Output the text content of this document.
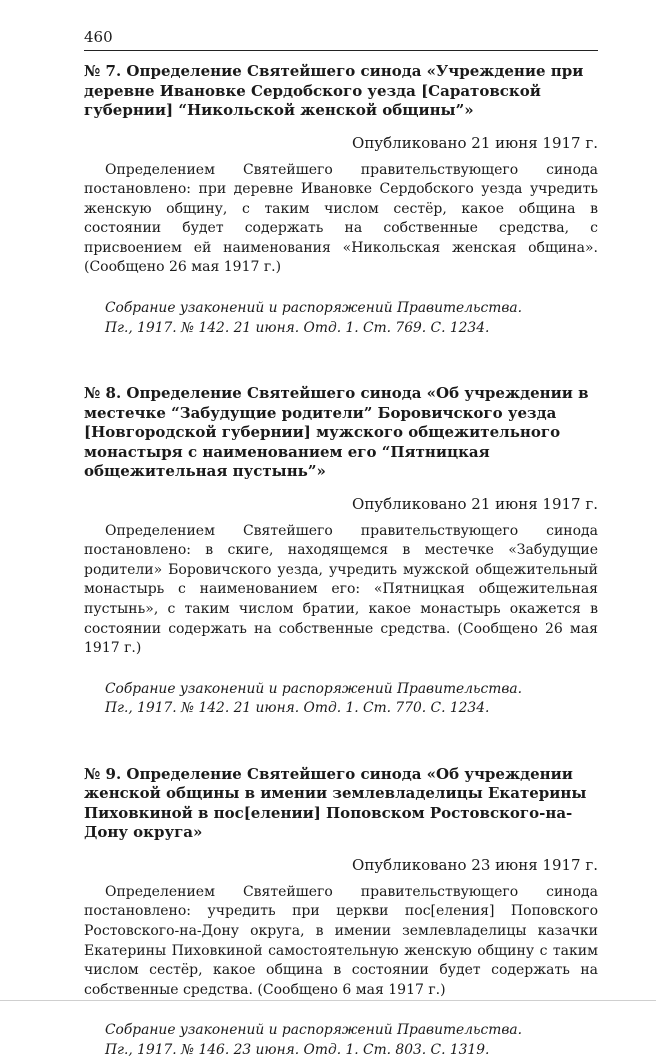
460
№ 7. Определение Святейшего синода «Учреждение при деревне Ивановке Сердобского уезда [Саратовской губернии] “Никольской женской общины”»
Опубликовано 21 июня 1917 г.

Определением Святейшего правительствующего синода постановлено: при деревне Ивановке Сердобского уезда учредить женскую общину, с таким числом сестёр, какое община в состоянии будет содержать на собственные средства, с присвоением ей наименования «Никольская женская община». (Сообщено 26 мая 1917 г.)

Собрание узаконений и распоряжений Правительства.
Пг., 1917. № 142. 21 июня. Отд. 1. Ст. 769. С. 1234.
№ 8. Определение Святейшего синода «Об учреждении в местечке “Забудущие родители” Боровичского уезда [Новгородской губернии] мужского общежительного монастыря с наименованием его “Пятницкая общежительная пустынь”»
Опубликовано 21 июня 1917 г.

Определением Святейшего правительствующего синода постановлено: в скиге, находящемся в местечке «Забудущие родители» Боровичского уезда, учредить мужской общежительный монастырь с наименованием его: «Пятницкая общежительная пустынь», с таким числом братии, какое монастырь окажется в состоянии содержать на собственные средства. (Сообщено 26 мая 1917 г.)

Собрание узаконений и распоряжений Правительства.
Пг., 1917. № 142. 21 июня. Отд. 1. Ст. 770. С. 1234.
№ 9. Определение Святейшего синода «Об учреждении женской общины в имении землевладелицы Екатерины Пиховкиной в пос[елении] Поповском Ростовского-на-Дону округа»
Опубликовано 23 июня 1917 г.

Определением Святейшего правительствующего синода постановлено: учредить при церкви пос[еления] Поповского Ростовского-на-Дону округа, в имении землевладелицы казачки Екатерины Пиховкиной самостоятельную женскую общину с таким числом сестёр, какое община в состоянии будет содержать на собственные средства. (Сообщено 6 мая 1917 г.)

Собрание узаконений и распоряжений Правительства.
Пг., 1917. № 146. 23 июня. Отд. 1. Ст. 803. С. 1319.
